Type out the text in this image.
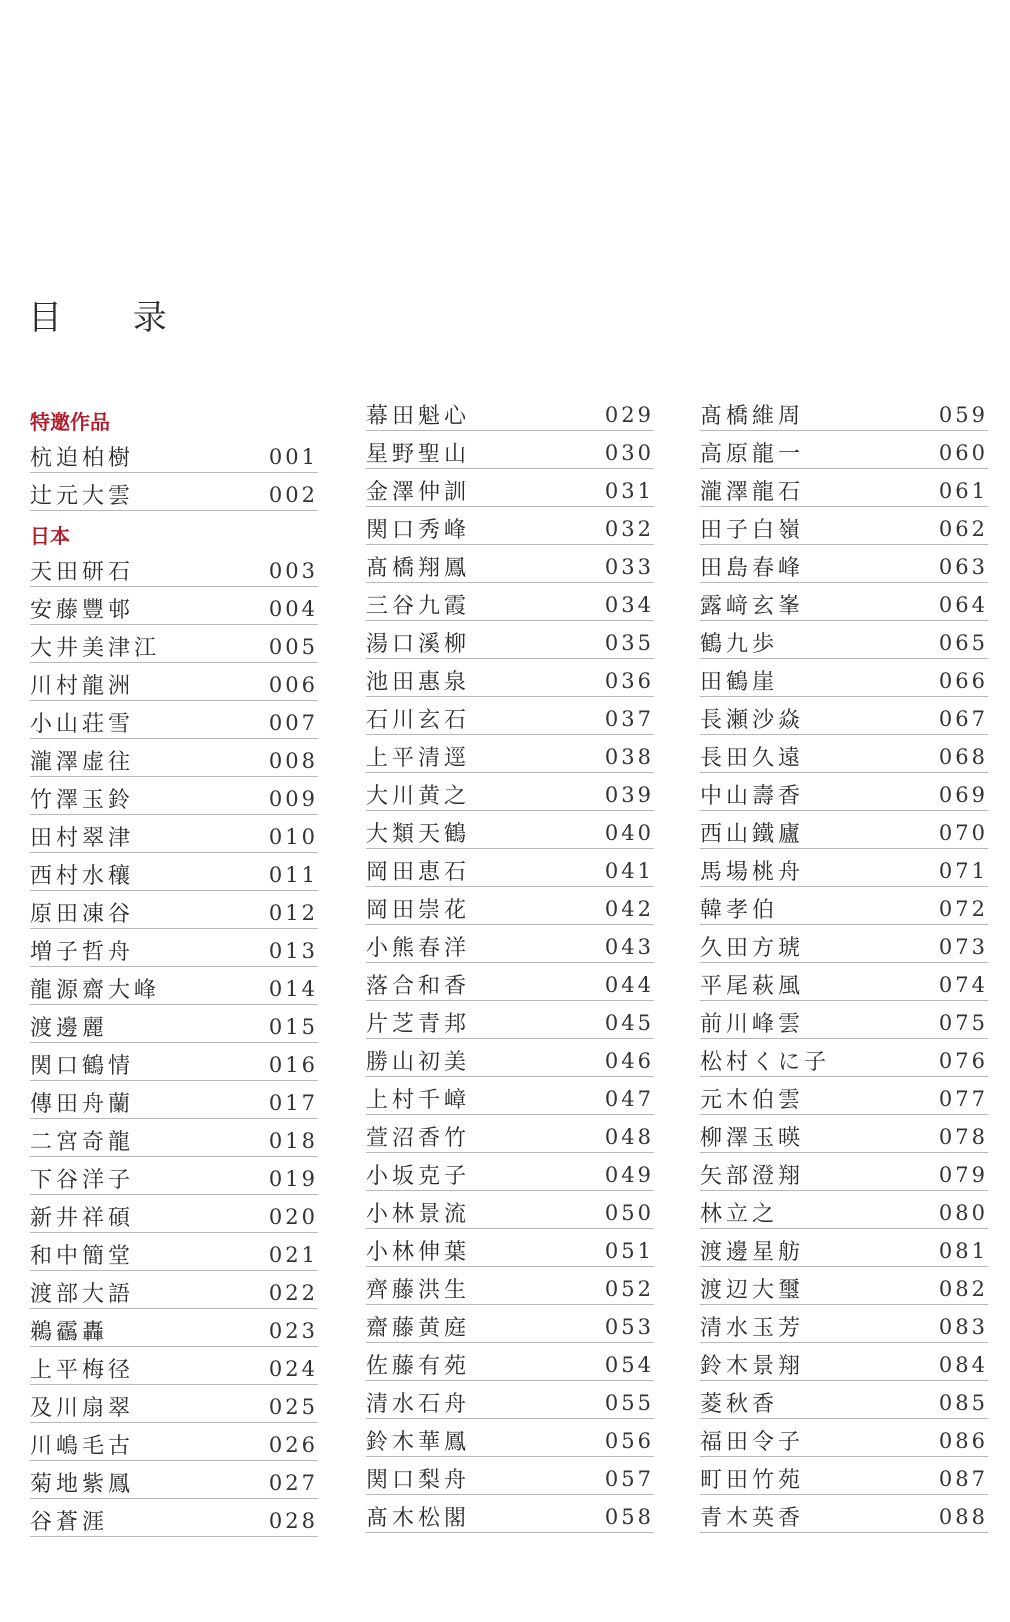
目 录
特邀作品
杭迫柏樹	001
辻元大雲	002
日本
天田研石	003
安藤豐邨	004
大井美津江	005
川村龍洲	006
小山荘雪	007
瀧澤虚往	008
竹澤玉鈴	009
田村翠津	010
西村水穰	011
原田凍谷	012
増子哲舟	013
龍源齋大峰	014
渡邊麗	015
関口鶴情	016
傳田舟蘭	017
二宮奇龍	018
下谷洋子	019
新井祥碩	020
和中簡堂	021
渡部大語	022
鵜靏轟	023
上平梅径	024
及川扇翠	025
川嶋毛古	026
菊地紫鳳	027
谷蒼涯	028
幕田魁心	029
星野聖山	030
金澤仲訓	031
関口秀峰	032
髙橋翔鳳	033
三谷九霞	034
湯口溪柳	035
池田惠泉	036
石川玄石	037
上平清逕	038
大川黄之	039
大類天鶴	040
岡田恵石	041
岡田崇花	042
小熊春洋	043
落合和香	044
片芝青邦	045
勝山初美	046
上村千嶂	047
萱沼香竹	048
小坂克子	049
小林景流	050
小林伸葉	051
齊藤洪生	052
齋藤黄庭	053
佐藤有苑	054
清水石舟	055
鈴木華鳳	056
関口梨舟	057
髙木松閣	058
髙橋維周	059
高原龍一	060
瀧澤龍石	061
田子白嶺	062
田島春峰	063
露﨑玄峯	064
鶴九歩	065
田鶴崖	066
長瀬沙焱	067
長田久遠	068
中山壽香	069
西山鐵廬	070
馬場桃舟	071
韓孝伯	072
久田方琥	073
平尾萩風	074
前川峰雲	075
松村くに子	076
元木伯雲	077
柳澤玉暎	078
矢部澄翔	079
林立之	080
渡邊星舫	081
渡辺大璽	082
清水玉芳	083
鈴木景翔	084
菱秋香	085
福田令子	086
町田竹苑	087
青木英香	088
